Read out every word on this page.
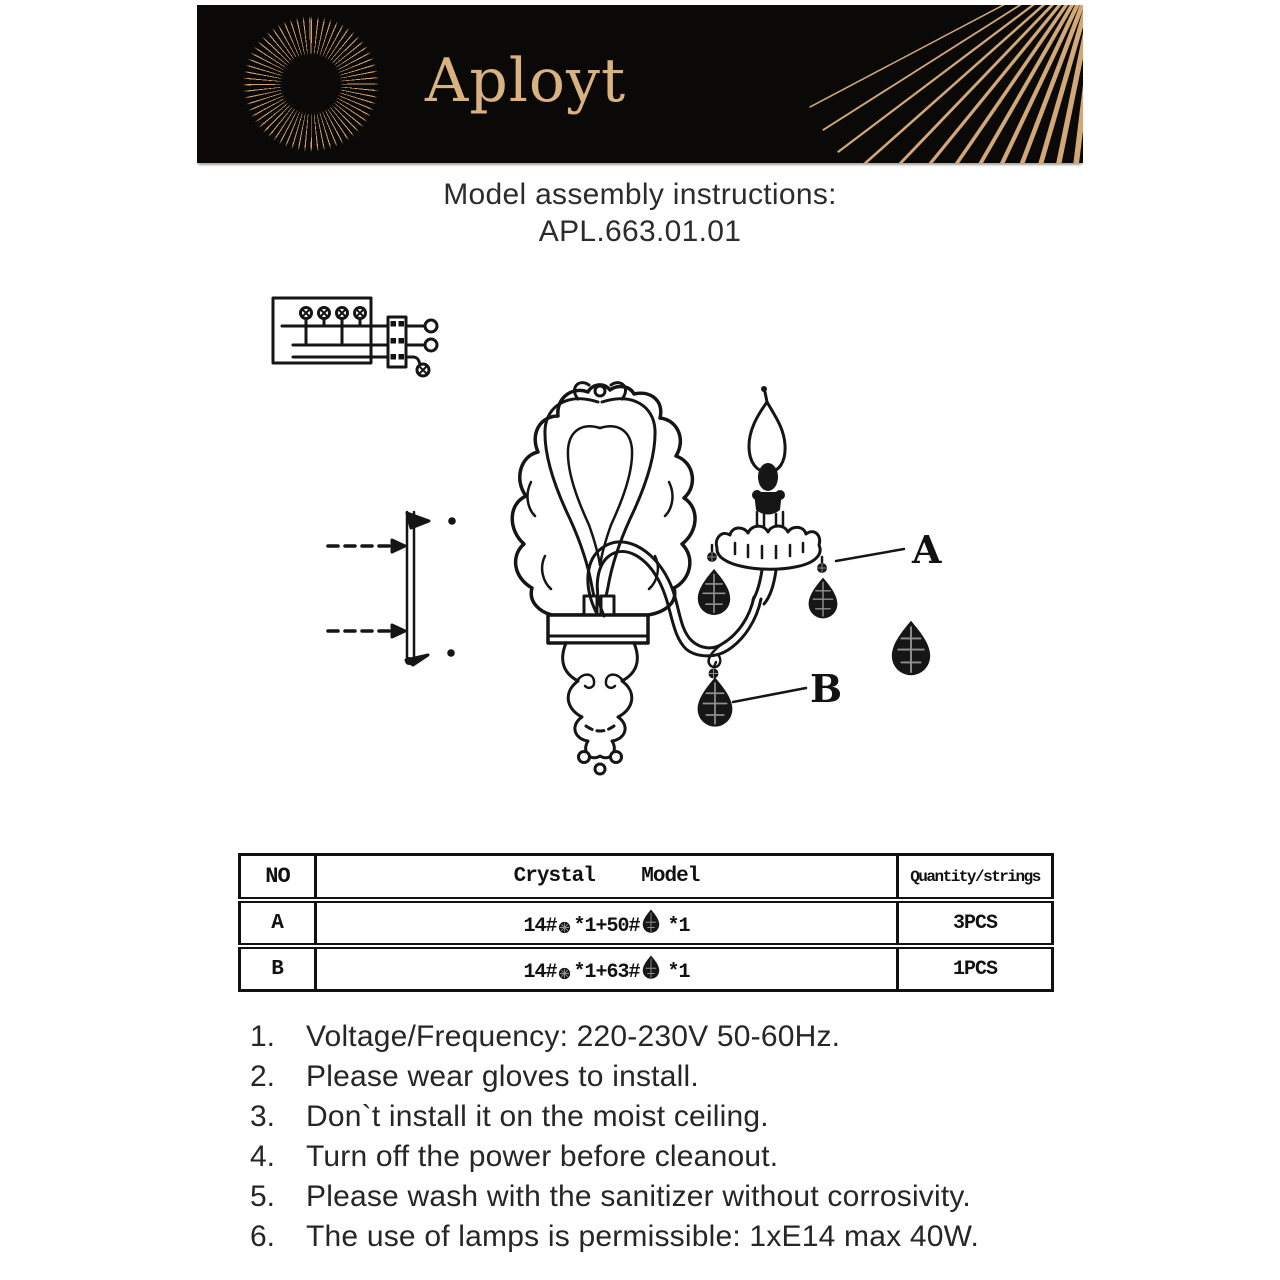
Aployt
Model assembly instructions:
APL.663.01.01
A
B
NO	Crystal    Model	Quantity/strings
A	14# *1+50# *1	3PCS
B	14# *1+63# *1	1PCS
1.	Voltage/Frequency: 220-230V 50-60Hz.
2.	Please wear gloves to install.
3.	Don`t install it on the moist ceiling.
4.	Turn off the power before cleanout.
5.	Please wash with the sanitizer without corrosivity.
6.	The use of lamps is permissible: 1xE14 max 40W.
